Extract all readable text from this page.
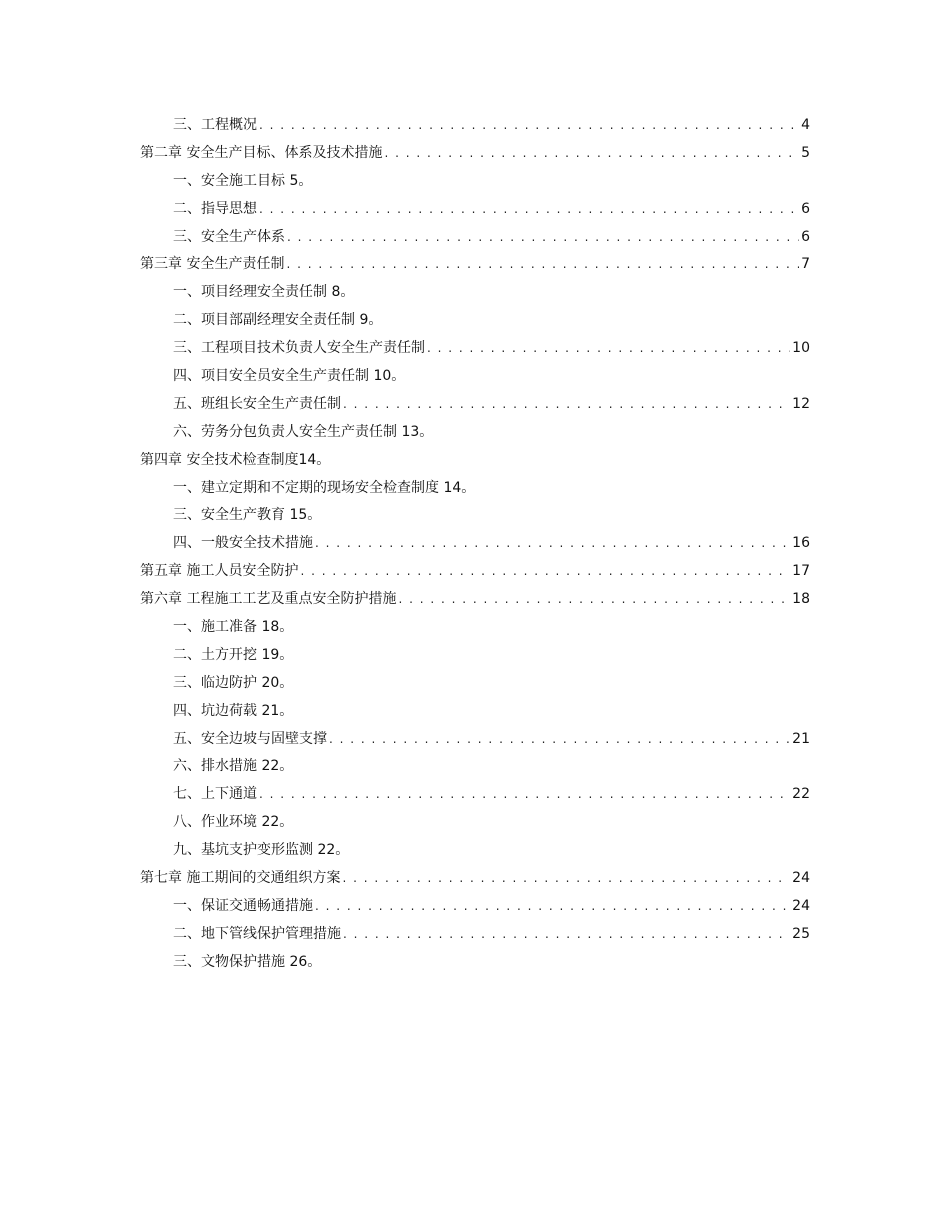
三、工程概况 . . .	4
第二章 安全生产目标、体系及技术措施 . . .	5
一、安全施工目标 5。
二、指导思想 . . .	6
三、安全生产体系 . . .	6
第三章 安全生产责任制 . . .	7
一、项目经理安全责任制 8。
二、项目部副经理安全责任制 9。
三、工程项目技术负责人安全生产责任制 . . .	10
四、项目安全员安全生产责任制 10。
五、班组长安全生产责任制 . . .	12
六、劳务分包负责人安全生产责任制 13。
第四章 安全技术检查制度14。
一、建立定期和不定期的现场安全检查制度 14。
三、安全生产教育 15。
四、一般安全技术措施 . . .	16
第五章 施工人员安全防护 . . .	17
第六章 工程施工工艺及重点安全防护措施 . . .	18
一、施工准备 18。
二、土方开挖 19。
三、临边防护 20。
四、坑边荷载 21。
五、安全边坡与固壁支撑 . . .	21
六、排水措施 22。
七、上下通道 . . .	22
八、作业环境 22。
九、基坑支护变形监测 22。
第七章 施工期间的交通组织方案 . . .	24
一、保证交通畅通措施 . . .	24
二、地下管线保护管理措施 . . .	25
三、文物保护措施 26。
